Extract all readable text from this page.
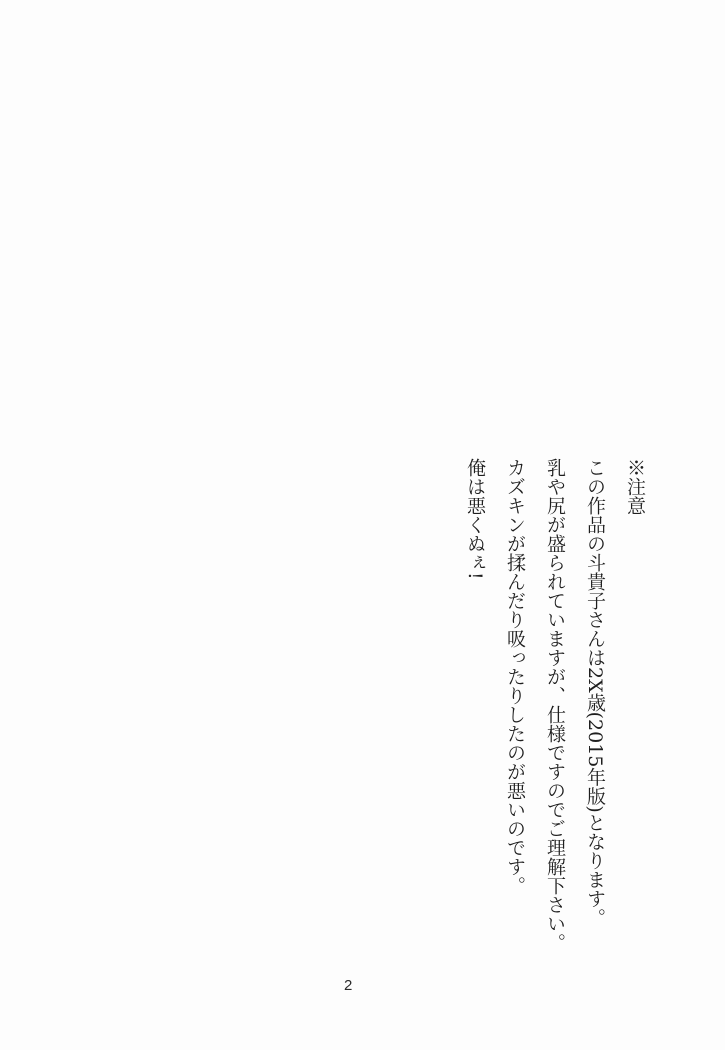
※注意
この作品の斗貴子さんは2X歳(2015年版)となります。
乳や尻が盛られていますが、仕様ですのでご理解下さい。
カズキンが揉んだり吸ったりしたのが悪いのです。
俺は悪くぬぇ!
2
